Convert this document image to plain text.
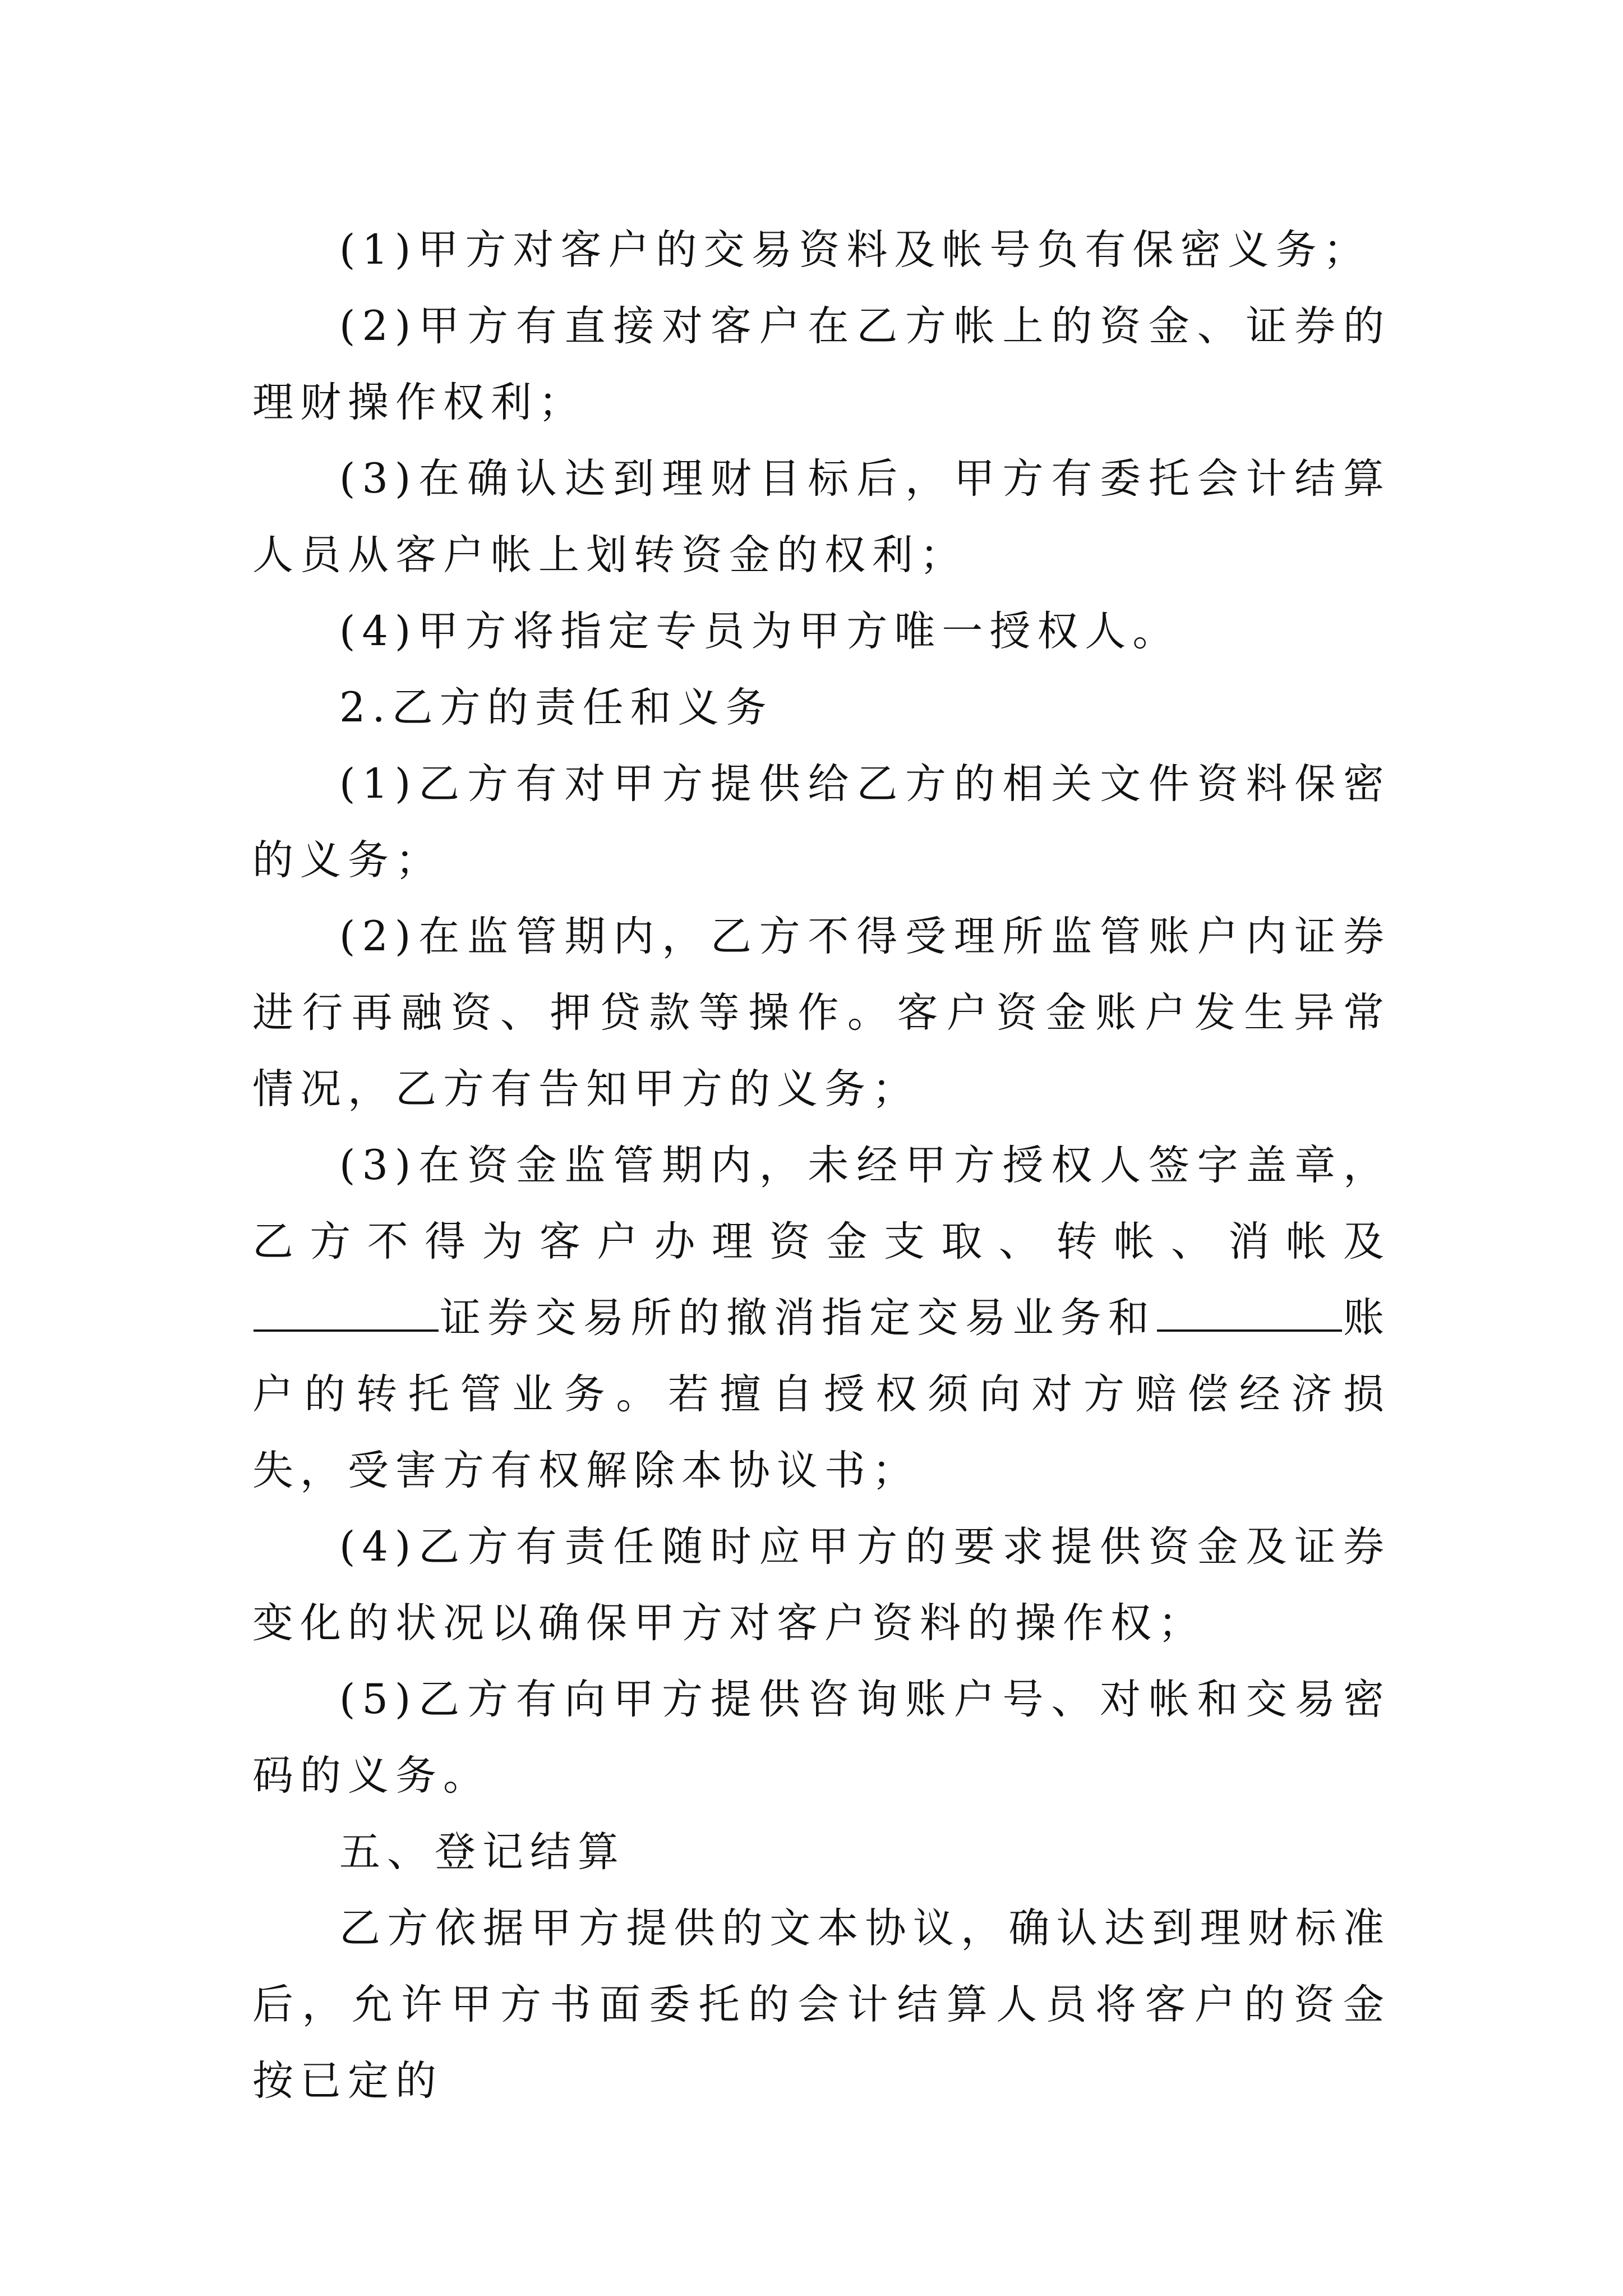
(1)甲方对客户的交易资料及帐号负有保密义务；

(2)甲方有直接对客户在乙方帐上的资金、证券的理财操作权利；

(3)在确认达到理财目标后，甲方有委托会计结算人员从客户帐上划转资金的权利；

(4)甲方将指定专员为甲方唯一授权人。

2.乙方的责任和义务

(1)乙方有对甲方提供给乙方的相关文件资料保密的义务；

(2)在监管期内，乙方不得受理所监管账户内证券进行再融资、押贷款等操作。客户资金账户发生异常情况，乙方有告知甲方的义务；

(3)在资金监管期内，未经甲方授权人签字盖章，乙方不得为客户办理资金支取、转帐、消帐及证券交易所的撤消指定交易业务和	账户的转托管业务。若擅自授权须向对方赔偿经济损失，受害方有权解除本协议书；

(4)乙方有责任随时应甲方的要求提供资金及证券变化的状况以确保甲方对客户资料的操作权；

(5)乙方有向甲方提供咨询账户号、对帐和交易密码的义务。

五、登记结算

乙方依据甲方提供的文本协议，确认达到理财标准后，允许甲方书面委托的会计结算人员将客户的资金按已定的
